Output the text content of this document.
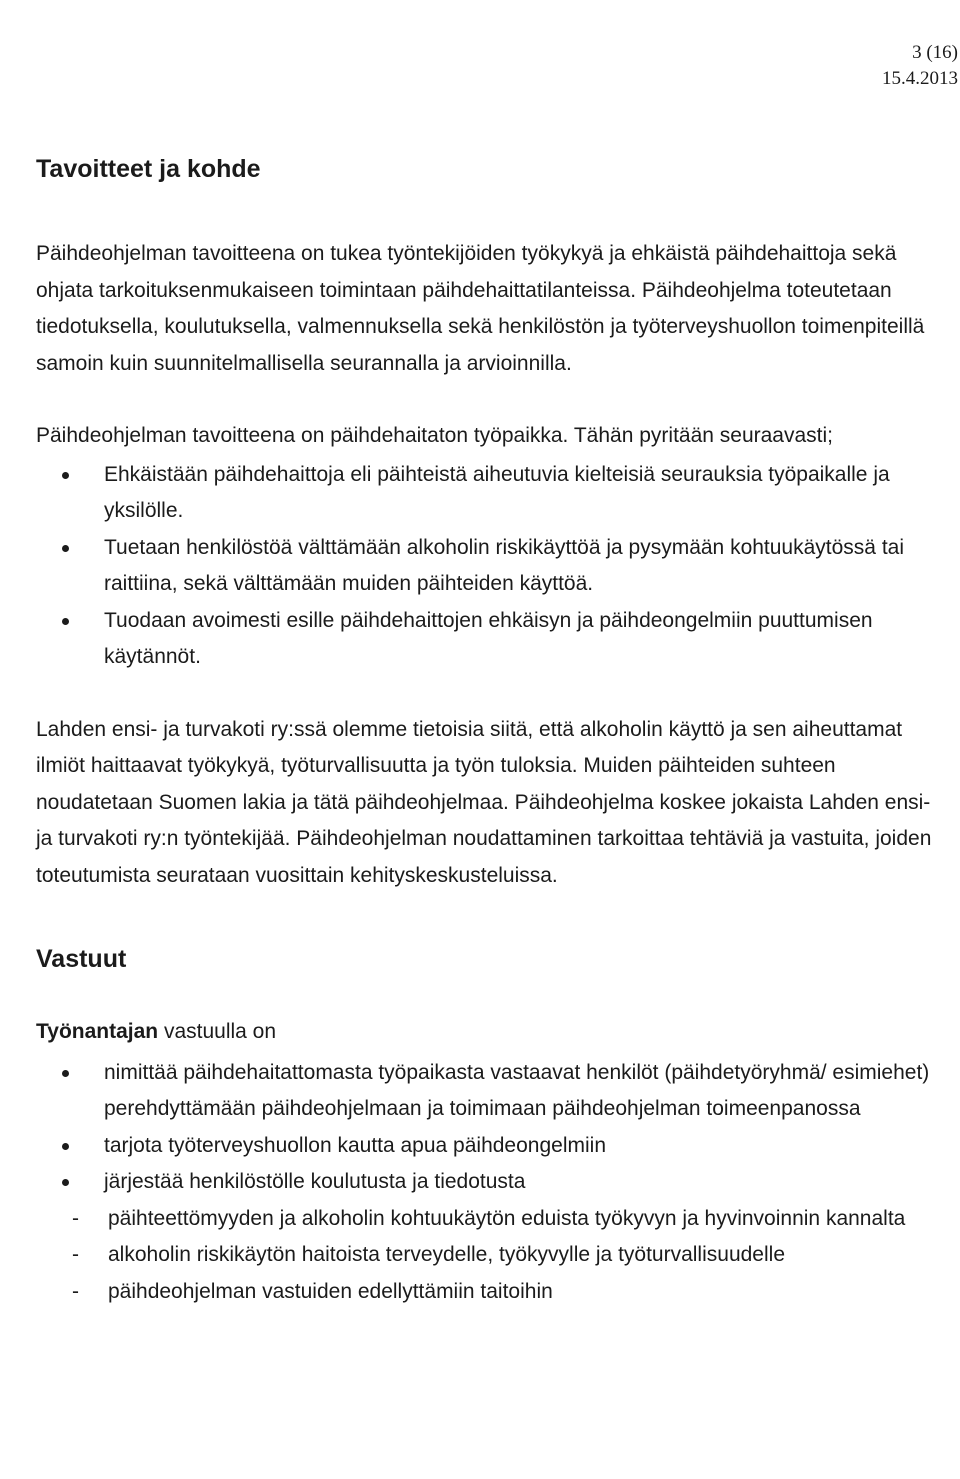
3 (16)
15.4.2013
Tavoitteet ja kohde

Päihdeohjelman tavoitteena on tukea työntekijöiden työkykyä ja ehkäistä päihdehaittoja sekä ohjata tarkoituksenmukaiseen toimintaan päihdehaittatilanteissa. Päihdeohjelma toteutetaan tiedotuksella, koulutuksella, valmennuksella sekä henkilöstön ja työterveyshuollon toimenpiteillä samoin kuin suunnitelmallisella seurannalla ja arvioinnilla.

Päihdeohjelman tavoitteena on päihdehaitaton työpaikka. Tähän pyritään seuraavasti;

Ehkäistään päihdehaittoja eli päihteistä aiheutuvia kielteisiä seurauksia työpaikalle ja yksilölle.
Tuetaan henkilöstöä välttämään alkoholin riskikäyttöä ja pysymään kohtuukäytössä tai raittiina, sekä välttämään muiden päihteiden käyttöä.
Tuodaan avoimesti esille päihdehaittojen ehkäisyn ja päihdeongelmiin puuttumisen käytännöt.

Lahden ensi- ja turvakoti ry:ssä olemme tietoisia siitä, että alkoholin käyttö ja sen aiheuttamat ilmiöt haittaavat työkykyä, työturvallisuutta ja työn tuloksia. Muiden päihteiden suhteen noudatetaan Suomen lakia ja tätä päihdeohjelmaa. Päihdeohjelma koskee jokaista Lahden ensi- ja turvakoti ry:n työntekijää. Päihdeohjelman noudattaminen tarkoittaa tehtäviä ja vastuita, joiden toteutumista seurataan vuosittain kehityskeskusteluissa.

Vastuut

Työnantajan vastuulla on

nimittää päihdehaitattomasta työpaikasta vastaavat henkilöt (päihdetyöryhmä/ esimiehet) perehdyttämään päihdeohjelmaan ja toimimaan päihdeohjelman toimeenpanossa
tarjota työterveyshuollon kautta apua päihdeongelmiin
järjestää henkilöstölle koulutusta ja tiedotusta
- päihteettömyyden ja alkoholin kohtuukäytön eduista työkyvyn ja hyvinvoinnin kannalta
- alkoholin riskikäytön haitoista terveydelle, työkyvylle ja työturvallisuudelle
- päihdeohjelman vastuiden edellyttämiin taitoihin
